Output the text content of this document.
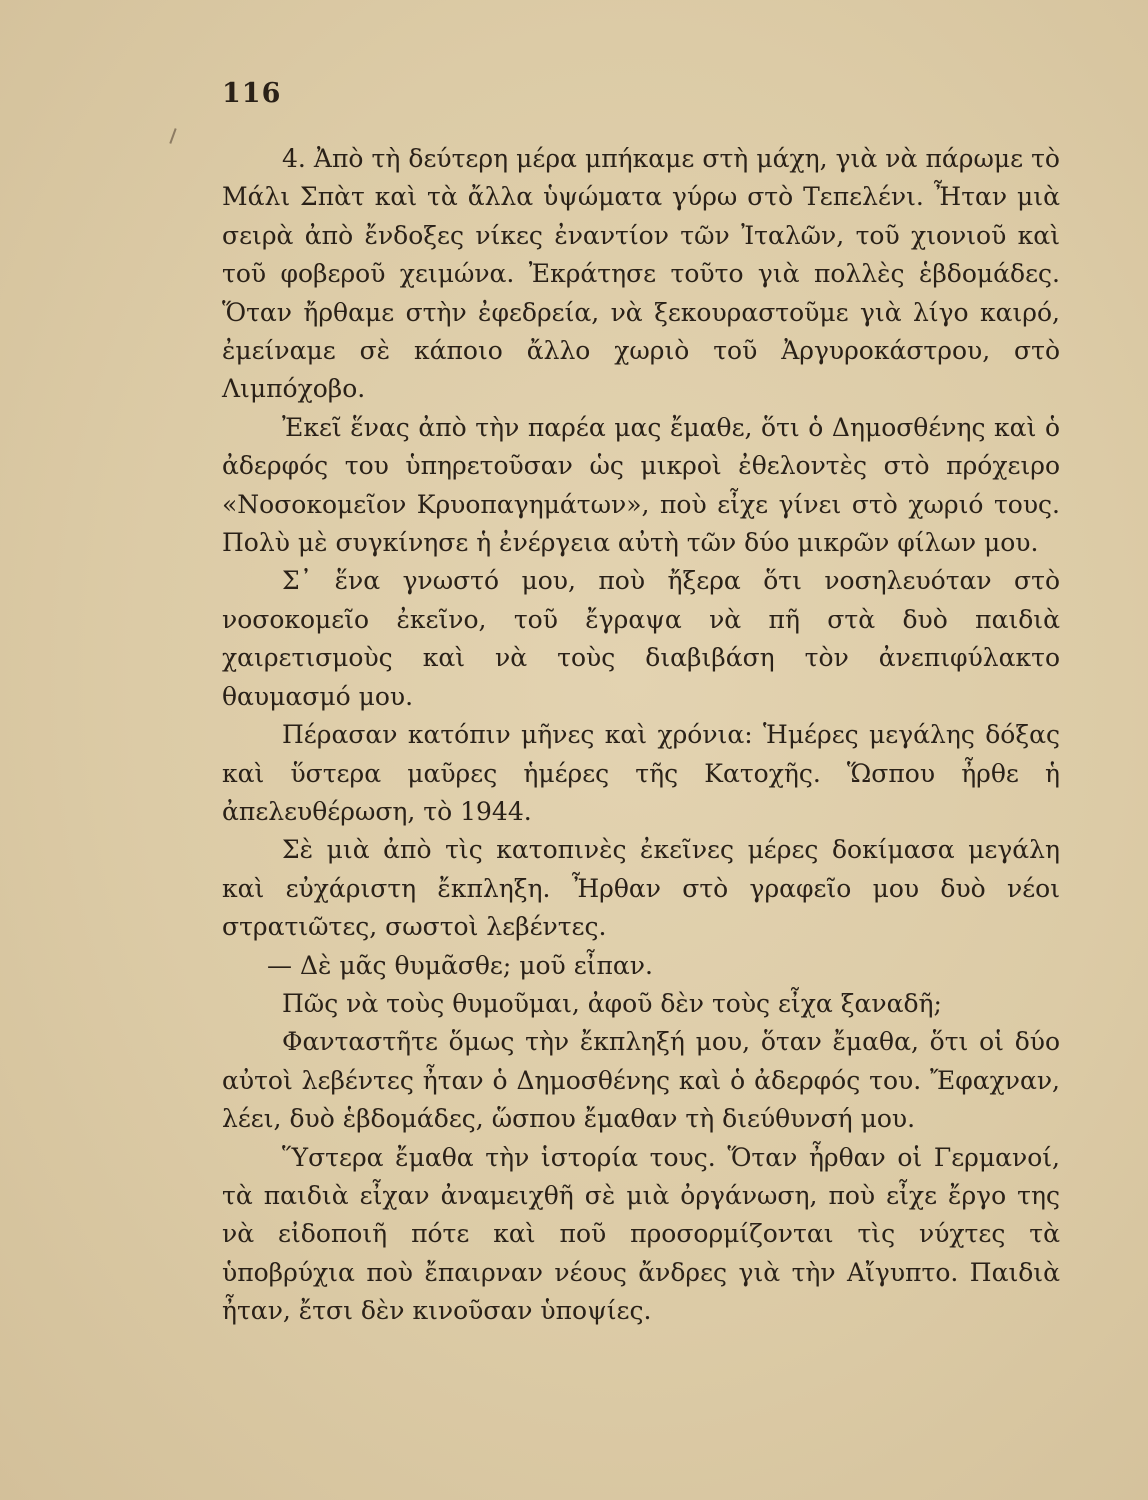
116

4. Ἀπὸ τὴ δεύτερη μέρα μπήκαμε στὴ μάχη, γιὰ νὰ πάρωμε τὸ Μάλι Σπὰτ καὶ τὰ ἄλλα ὑψώματα γύρω στὸ Τεπελένι. Ἦταν μιὰ σειρὰ ἀπὸ ἔνδοξες νίκες ἐναντίον τῶν Ἰταλῶν, τοῦ χιονιοῦ καὶ τοῦ φοβεροῦ χειμώνα. Ἐκράτησε τοῦτο γιὰ πολλὲς ἑβδομάδες. Ὅταν ἤρθαμε στὴν ἐφεδρεία, νὰ ξεκουραστοῦμε γιὰ λίγο καιρό, ἐμείναμε σὲ κάποιο ἄλλο χωριὸ τοῦ Ἀργυροκάστρου, στὸ Λιμπόχοβο.

Ἐκεῖ ἕνας ἀπὸ τὴν παρέα μας ἔμαθε, ὅτι ὁ Δημοσθένης καὶ ὁ ἀδερφός του ὑπηρετοῦσαν ὡς μικροὶ ἐθελοντὲς στὸ πρόχειρο «Νοσοκομεῖον Κρυοπαγημάτων», ποὺ εἶχε γίνει στὸ χωριό τους. Πολὺ μὲ συγκίνησε ἡ ἐνέργεια αὐτὴ τῶν δύο μικρῶν φίλων μου.

Σ᾽ ἕνα γνωστό μου, ποὺ ἤξερα ὅτι νοσηλευόταν στὸ νοσοκομεῖο ἐκεῖνο, τοῦ ἔγραψα νὰ πῆ στὰ δυὸ παιδιὰ χαιρετισμοὺς καὶ νὰ τοὺς διαβιβάση τὸν ἀνεπιφύλακτο θαυμασμό μου.

Πέρασαν κατόπιν μῆνες καὶ χρόνια: Ἡμέρες μεγάλης δόξας καὶ ὕστερα μαῦρες ἡμέρες τῆς Κατοχῆς. Ὥσπου ἦρθε ἡ ἀπελευθέρωση, τὸ 1944.

Σὲ μιὰ ἀπὸ τὶς κατοπινὲς ἐκεῖνες μέρες δοκίμασα μεγάλη καὶ εὐχάριστη ἔκπληξη. Ἦρθαν στὸ γραφεῖο μου δυὸ νέοι στρατιῶτες, σωστοὶ λεβέντες.

— Δὲ μᾶς θυμᾶσθε; μοῦ εἶπαν.

Πῶς νὰ τοὺς θυμοῦμαι, ἀφοῦ δὲν τοὺς εἶχα ξαναδῆ;

Φανταστῆτε ὅμως τὴν ἔκπληξή μου, ὅταν ἔμαθα, ὅτι οἱ δύο αὐτοὶ λεβέντες ἦταν ὁ Δημοσθένης καὶ ὁ ἀδερφός του. Ἔφαχναν, λέει, δυὸ ἑβδομάδες, ὥσπου ἔμαθαν τὴ διεύθυνσή μου.

Ὕστερα ἔμαθα τὴν ἱστορία τους. Ὅταν ἦρθαν οἱ Γερμανοί, τὰ παιδιὰ εἶχαν ἀναμειχθῆ σὲ μιὰ ὀργάνωση, ποὺ εἶχε ἔργο της νὰ εἰδοποιῆ πότε καὶ ποῦ προσορμίζονται τὶς νύχτες τὰ ὑποβρύχια ποὺ ἔπαιρναν νέους ἄνδρες γιὰ τὴν Αἴγυπτο. Παιδιὰ ἦταν, ἔτσι δὲν κινοῦσαν ὑποψίες.
